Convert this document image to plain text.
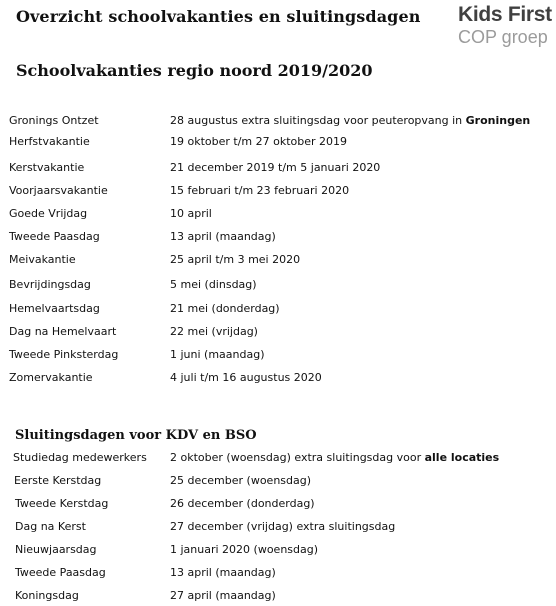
Overzicht schoolvakanties en sluitingsdagen Kids First
COP groep
Schoolvakanties regio noord 2019/2020
Gronings Ontzet	28 augustus extra sluitingsdag voor peuteropvang in Groningen
Herfstvakantie	19 oktober t/m 27 oktober 2019
Kerstvakantie	21 december 2019 t/m 5 januari 2020
Voorjaarsvakantie	15 februari t/m 23 februari 2020
Goede Vrijdag	10 april
Tweede Paasdag	13 april (maandag)
Meivakantie	25 april t/m 3 mei 2020
Bevrijdingsdag	5 mei (dinsdag)
Hemelvaartsdag	21 mei (donderdag)
Dag na Hemelvaart	22 mei (vrijdag)
Tweede Pinksterdag	1 juni (maandag)
Zomervakantie	4 juli t/m 16 augustus 2020
Sluitingsdagen voor KDV en BSO
Studiedag medewerkers 2 oktober (woensdag) extra sluitingsdag voor alle locaties
Eerste Kerstdag	25 december (woensdag)
Tweede Kerstdag	26 december (donderdag)
Dag na Kerst	27 december (vrijdag) extra sluitingsdag
Nieuwjaarsdag	1 januari 2020 (woensdag)
Tweede Paasdag	13 april (maandag)
Koningsdag	27 april (maandag)
